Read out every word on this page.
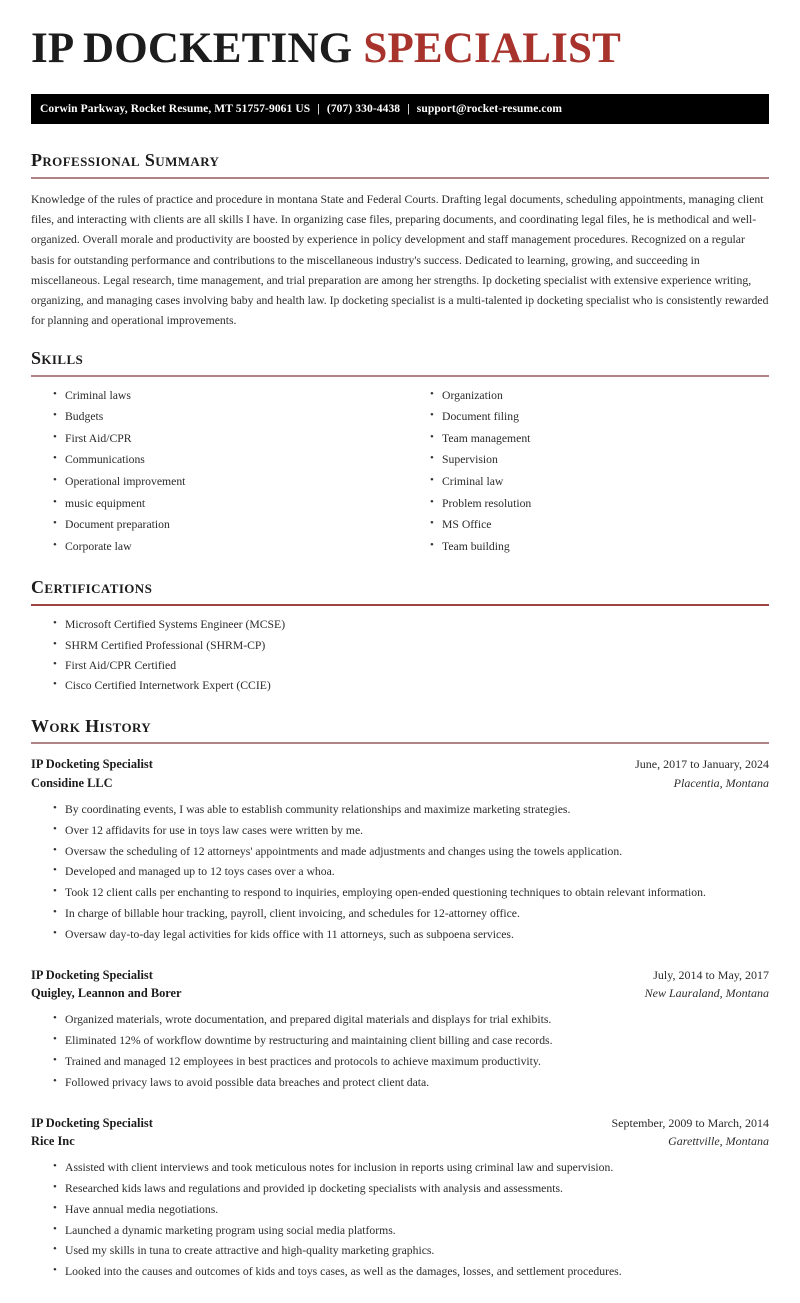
IP DOCKETING SPECIALIST
Corwin Parkway, Rocket Resume, MT 51757-9061 US | (707) 330-4438 | support@rocket-resume.com
Professional Summary

Knowledge of the rules of practice and procedure in montana State and Federal Courts. Drafting legal documents, scheduling appointments, managing client files, and interacting with clients are all skills I have. In organizing case files, preparing documents, and coordinating legal files, he is methodical and well-organized. Overall morale and productivity are boosted by experience in policy development and staff management procedures. Recognized on a regular basis for outstanding performance and contributions to the miscellaneous industry's success. Dedicated to learning, growing, and succeeding in miscellaneous. Legal research, time management, and trial preparation are among her strengths. Ip docketing specialist with extensive experience writing, organizing, and managing cases involving baby and health law. Ip docketing specialist is a multi-talented ip docketing specialist who is consistently rewarded for planning and operational improvements.

Skills
• Criminal laws
• Budgets
• First Aid/CPR
• Communications
• Operational improvement
• music equipment
• Document preparation
• Corporate law
• Organization
• Document filing
• Team management
• Supervision
• Criminal law
• Problem resolution
• MS Office
• Team building
Certifications
• Microsoft Certified Systems Engineer (MCSE)
• SHRM Certified Professional (SHRM-CP)
• First Aid/CPR Certified
• Cisco Certified Internetwork Expert (CCIE)
Work History
IP Docketing Specialist	June, 2017 to January, 2024
Considine LLC	Placentia, Montana
• By coordinating events, I was able to establish community relationships and maximize marketing strategies.
• Over 12 affidavits for use in toys law cases were written by me.
• Oversaw the scheduling of 12 attorneys' appointments and made adjustments and changes using the towels application.
• Developed and managed up to 12 toys cases over a whoa.
• Took 12 client calls per enchanting to respond to inquiries, employing open-ended questioning techniques to obtain relevant information.
• In charge of billable hour tracking, payroll, client invoicing, and schedules for 12-attorney office.
• Oversaw day-to-day legal activities for kids office with 11 attorneys, such as subpoena services.
IP Docketing Specialist	July, 2014 to May, 2017
Quigley, Leannon and Borer	New Lauraland, Montana
• Organized materials, wrote documentation, and prepared digital materials and displays for trial exhibits.
• Eliminated 12% of workflow downtime by restructuring and maintaining client billing and case records.
• Trained and managed 12 employees in best practices and protocols to achieve maximum productivity.
• Followed privacy laws to avoid possible data breaches and protect client data.
IP Docketing Specialist	September, 2009 to March, 2014
Rice Inc	Garettville, Montana
• Assisted with client interviews and took meticulous notes for inclusion in reports using criminal law and supervision.
• Researched kids laws and regulations and provided ip docketing specialists with analysis and assessments.
• Have annual media negotiations.
• Launched a dynamic marketing program using social media platforms.
• Used my skills in tuna to create attractive and high-quality marketing graphics.
• Looked into the causes and outcomes of kids and toys cases, as well as the damages, losses, and settlement procedures.
